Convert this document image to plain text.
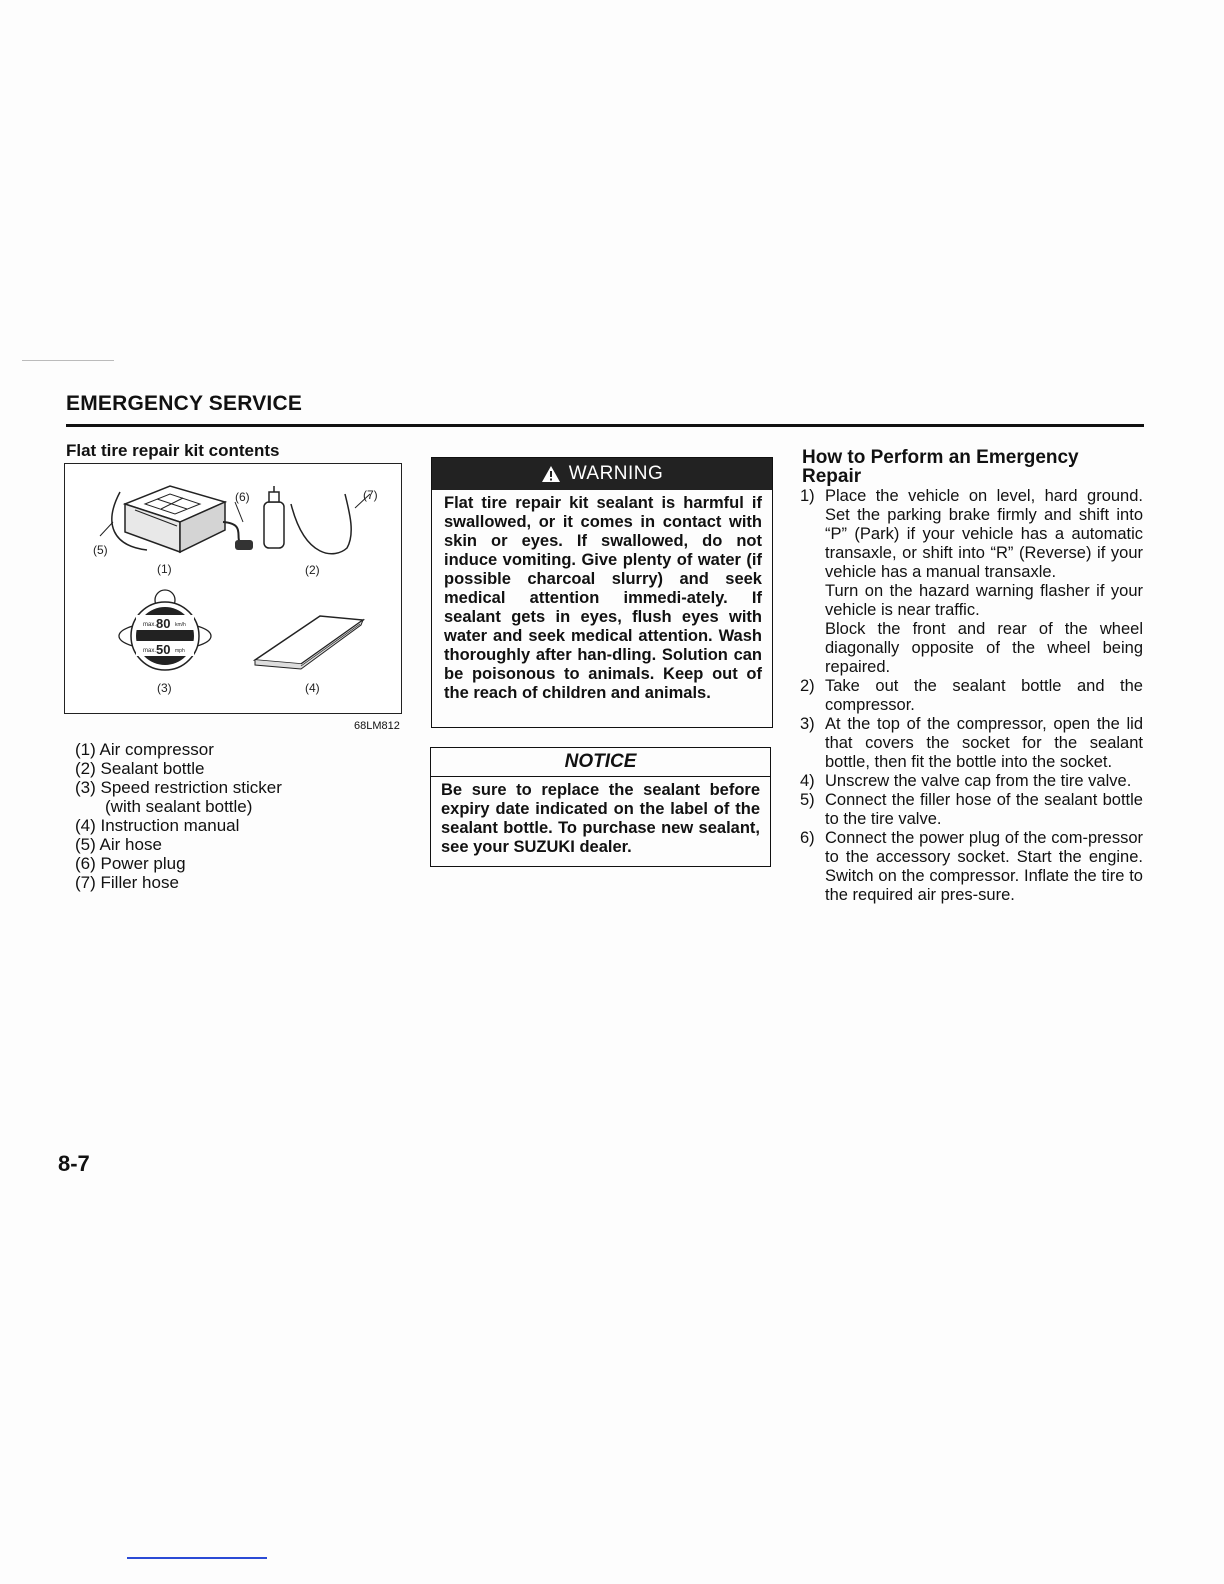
EMERGENCY SERVICE
Flat tire repair kit contents
max. 80 km/h
max. 50 mph
(5)
(6)	(7)
(1)	(2)
(3)	(4)
68LM812
(1) Air compressor
(2) Sealant bottle
(3) Speed restriction sticker
(with sealant bottle)
(4) Instruction manual
(5) Air hose
(6) Power plug
(7) Filler hose
WARNING
Flat tire repair kit sealant is harmful if swallowed, or it comes in contact with skin or eyes. If swallowed, do not induce vomiting. Give plenty of water (if possible charcoal slurry) and seek medical attention immedi-ately. If sealant gets in eyes, flush eyes with water and seek medical attention. Wash thoroughly after han-dling. Solution can be poisonous to animals. Keep out of the reach of children and animals.
NOTICE
Be sure to replace the sealant before expiry date indicated on the label of the sealant bottle. To purchase new sealant, see your SUZUKI dealer.
How to Perform an Emergency Repair
1) Place the vehicle on level, hard ground. Set the parking brake firmly and shift into “P” (Park) if your vehicle has a automatic transaxle, or shift into “R” (Reverse) if your vehicle has a manual transaxle.

Turn on the hazard warning flasher if your vehicle is near traffic.

Block the front and rear of the wheel diagonally opposite of the wheel being repaired.

2) Take out the sealant bottle and the compressor.

3) At the top of the compressor, open the lid that covers the socket for the sealant bottle, then fit the bottle into the socket.

4) Unscrew the valve cap from the tire valve.

5) Connect the filler hose of the sealant bottle to the tire valve.

6) Connect the power plug of the com-pressor to the accessory socket. Start the engine. Switch on the compressor. Inflate the tire to the required air pres-sure.

8-7
